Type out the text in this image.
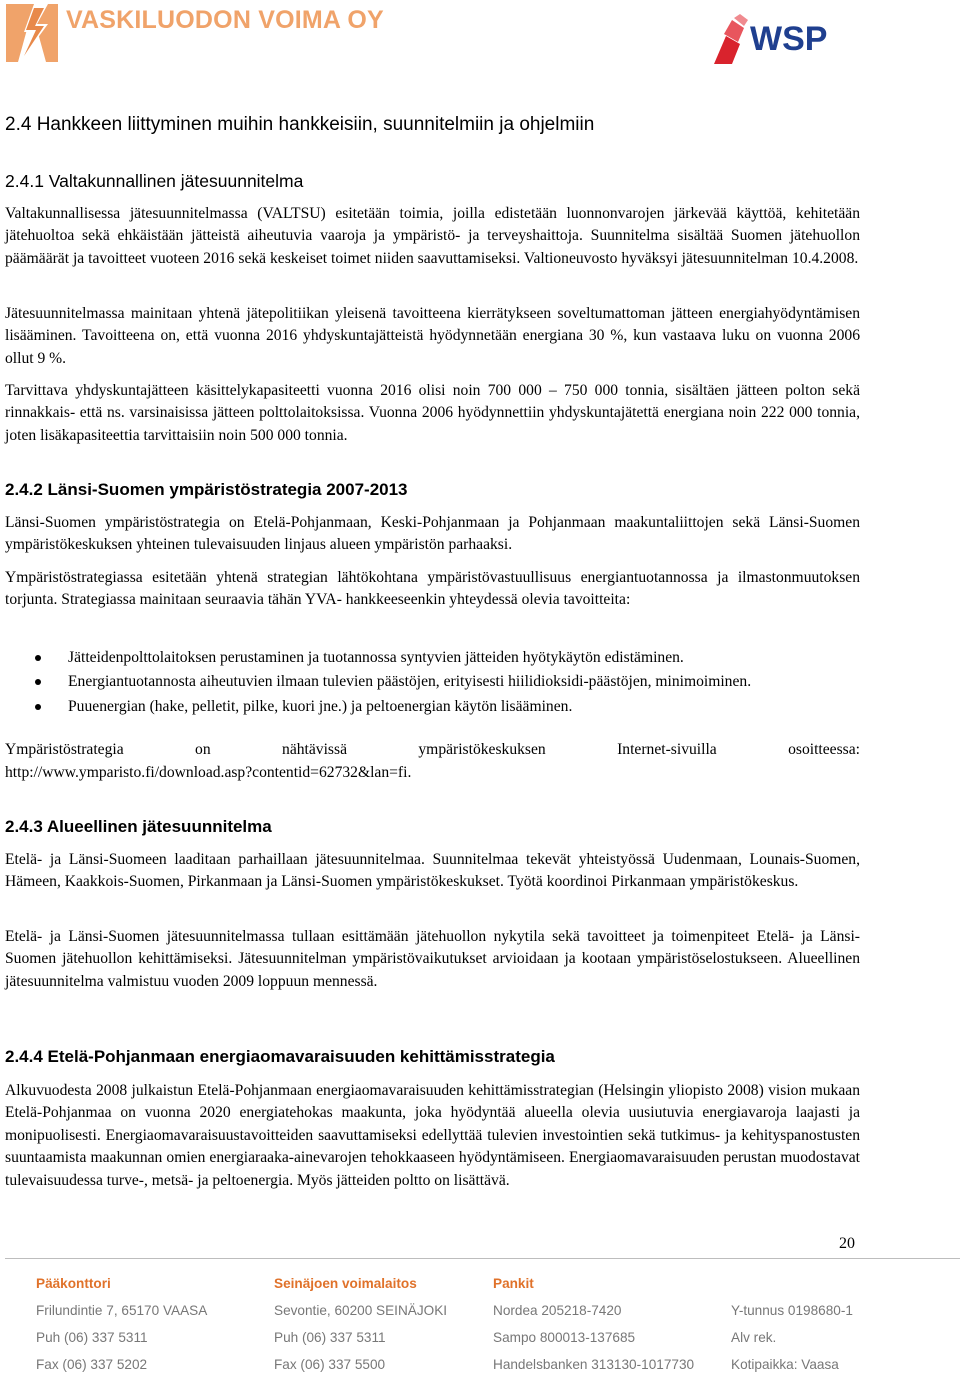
VASKILUODON VOIMA OY	WSP
2.4 Hankkeen liittyminen muihin hankkeisiin, suunnitelmiin ja ohjelmiin
2.4.1 Valtakunnallinen jätesuunnitelma

Valtakunnallisessa jätesuunnitelmassa (VALTSU) esitetään toimia, joilla edistetään luonnonvarojen järkevää käyttöä, kehitetään jätehuoltoa sekä ehkäistään jätteistä aiheutuvia vaaroja ja ympäristö- ja terveyshaittoja. Suunnitelma sisältää Suomen jätehuollon päämäärät ja tavoitteet vuoteen 2016 sekä keskeiset toimet niiden saavuttamiseksi. Valtioneuvosto hyväksyi jätesuunnitelman 10.4.2008.

Jätesuunnitelmassa mainitaan yhtenä jätepolitiikan yleisenä tavoitteena kierrätykseen soveltumattoman jätteen energiahyödyntämisen lisääminen. Tavoitteena on, että vuonna 2016 yhdyskuntajätteistä hyödynnetään energiana 30 %, kun vastaava luku on vuonna 2006 ollut 9 %.

Tarvittava yhdyskuntajätteen käsittelykapasiteetti vuonna 2016 olisi noin 700 000 – 750 000 tonnia, sisältäen jätteen polton sekä rinnakkais- että ns. varsinaisissa jätteen polttolaitoksissa. Vuonna 2006 hyödynnettiin yhdyskuntajätettä energiana noin 222 000 tonnia, joten lisäkapasiteettia tarvittaisiin noin 500 000 tonnia.

2.4.2 Länsi-Suomen ympäristöstrategia 2007-2013

Länsi-Suomen ympäristöstrategia on Etelä-Pohjanmaan, Keski-Pohjanmaan ja Pohjanmaan maakuntaliittojen sekä Länsi-Suomen ympäristökeskuksen yhteinen tulevaisuuden linjaus alueen ympäristön parhaaksi.

Ympäristöstrategiassa esitetään yhtenä strategian lähtökohtana ympäristövastuullisuus energiantuotannossa ja ilmastonmuutoksen torjunta. Strategiassa mainitaan seuraavia tähän YVA- hankkeeseenkin yhteydessä olevia tavoitteita:

Jätteidenpolttolaitoksen perustaminen ja tuotannossa syntyvien jätteiden hyötykäytön edistäminen.
Energiantuotannosta aiheutuvien ilmaan tulevien päästöjen, erityisesti hiilidioksidi-päästöjen, minimoiminen.
Puuenergian (hake, pelletit, pilke, kuori jne.) ja peltoenergian käytön lisääminen.

Ympäristöstrategia on nähtävissä ympäristökeskuksen Internet-sivuilla osoitteessa:

http://www.ymparisto.fi/download.asp?contentid=62732&lan=fi.

2.4.3 Alueellinen jätesuunnitelma

Etelä- ja Länsi-Suomeen laaditaan parhaillaan jätesuunnitelmaa. Suunnitelmaa tekevät yhteistyössä Uudenmaan, Lounais-Suomen, Hämeen, Kaakkois-Suomen, Pirkanmaan ja Länsi-Suomen ympäristökeskukset. Työtä koordinoi Pirkanmaan ympäristökeskus.

Etelä- ja Länsi-Suomen jätesuunnitelmassa tullaan esittämään jätehuollon nykytila sekä tavoitteet ja toimenpiteet Etelä- ja Länsi- Suomen jätehuollon kehittämiseksi. Jätesuunnitelman ympäristövaikutukset arvioidaan ja kootaan ympäristöselostukseen. Alueellinen jätesuunnitelma valmistuu vuoden 2009 loppuun mennessä.

2.4.4 Etelä-Pohjanmaan energiaomavaraisuuden kehittämisstrategia

Alkuvuodesta 2008 julkaistun Etelä-Pohjanmaan energiaomavaraisuuden kehittämisstrategian (Helsingin yliopisto 2008) vision mukaan Etelä-Pohjanmaa on vuonna 2020 energiatehokas maakunta, joka hyödyntää alueella olevia uusiutuvia energiavaroja laajasti ja monipuolisesti. Energiaomavaraisuustavoitteiden saavuttamiseksi edellyttää tulevien investointien sekä tutkimus- ja kehityspanostusten suuntaamista maakunnan omien energiaraaka-ainevarojen tehokkaaseen hyödyntämiseen. Energiaomavaraisuuden perustan muodostavat tulevaisuudessa turve-, metsä- ja peltoenergia. Myös jätteiden poltto on lisättävä.

20
Pääkonttori
Frilundintie 7, 65170 VAASA
Puh (06) 337 5311
Fax (06) 337 5202
Seinäjoen voimalaitos
Sevontie, 60200 SEINÄJOKI
Puh (06) 337 5311
Fax (06) 337 5500
Pankit
Nordea 205218-7420
Sampo 800013-137685
Handelsbanken 313130-1017730
Y-tunnus 0198680-1
Alv rek.
Kotipaikka: Vaasa
